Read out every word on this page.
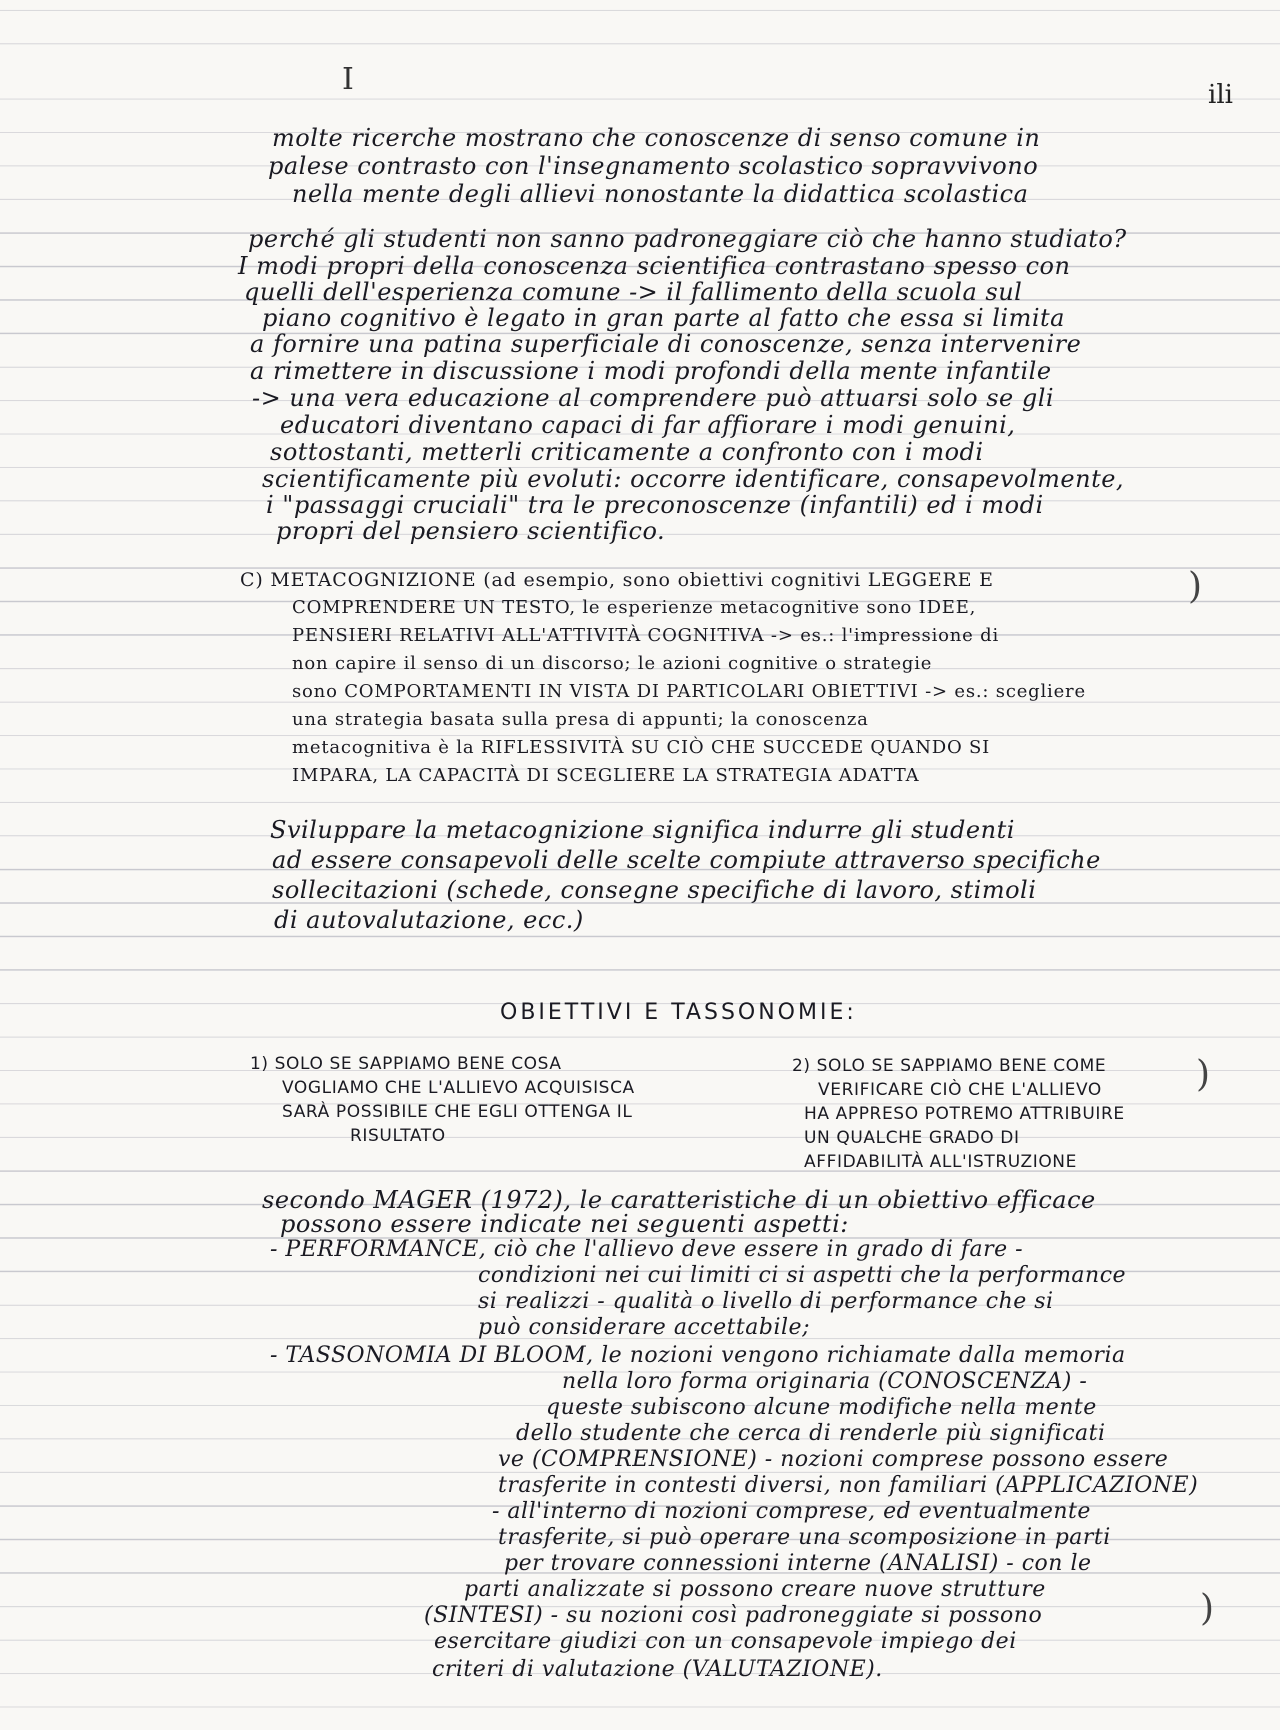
I	ili
molte ricerche mostrano che conoscenze di senso comune in
palese contrasto con l'insegnamento scolastico sopravvivono
nella mente degli allievi nonostante la didattica scolastica
perché gli studenti non sanno padroneggiare ciò che hanno studiato?
I modi propri della conoscenza scientifica contrastano spesso con
quelli dell'esperienza comune -> il fallimento della scuola sul
piano cognitivo è legato in gran parte al fatto che essa si limita
a fornire una patina superficiale di conoscenze, senza intervenire
a rimettere in discussione i modi profondi della mente infantile
-> una vera educazione al comprendere può attuarsi solo se gli
educatori diventano capaci di far affiorare i modi genuini,
sottostanti, metterli criticamente a confronto con i modi
scientificamente più evoluti: occorre identificare, consapevolmente,
i "passaggi cruciali" tra le preconoscenze (infantili) ed i modi
propri del pensiero scientifico.
C) METACOGNIZIONE (ad esempio, sono obiettivi cognitivi LEGGERE E
COMPRENDERE UN TESTO, le esperienze metacognitive sono IDEE,
PENSIERI RELATIVI ALL'ATTIVITÀ COGNITIVA -> es.: l'impressione di
non capire il senso di un discorso; le azioni cognitive o strategie
sono COMPORTAMENTI IN VISTA DI PARTICOLARI OBIETTIVI -> es.: scegliere
una strategia basata sulla presa di appunti; la conoscenza
metacognitiva è la RIFLESSIVITÀ SU CIÒ CHE SUCCEDE QUANDO SI
IMPARA, LA CAPACITÀ DI SCEGLIERE LA STRATEGIA ADATTA
)
Sviluppare la metacognizione significa indurre gli studenti
ad essere consapevoli delle scelte compiute attraverso specifiche
sollecitazioni (schede, consegne specifiche di lavoro, stimoli
di autovalutazione, ecc.)
OBIETTIVI E TASSONOMIE:
1) SOLO SE SAPPIAMO BENE COSA
VOGLIAMO CHE L'ALLIEVO ACQUISISCA
SARÀ POSSIBILE CHE EGLI OTTENGA IL
RISULTATO
2) SOLO SE SAPPIAMO BENE COME
VERIFICARE CIÒ CHE L'ALLIEVO
HA APPRESO POTREMO ATTRIBUIRE
UN QUALCHE GRADO DI
AFFIDABILITÀ ALL'ISTRUZIONE
)
secondo MAGER (1972), le caratteristiche di un obiettivo efficace
possono essere indicate nei seguenti aspetti:
- PERFORMANCE, ciò che l'allievo deve essere in grado di fare -
condizioni nei cui limiti ci si aspetti che la performance
si realizzi - qualità o livello di performance che si
può considerare accettabile;
- TASSONOMIA DI BLOOM, le nozioni vengono richiamate dalla memoria
nella loro forma originaria (CONOSCENZA) -
queste subiscono alcune modifiche nella mente
dello studente che cerca di renderle più significati
ve (COMPRENSIONE) - nozioni comprese possono essere
trasferite in contesti diversi, non familiari (APPLICAZIONE)
- all'interno di nozioni comprese, ed eventualmente
trasferite, si può operare una scomposizione in parti
per trovare connessioni interne (ANALISI) - con le
parti analizzate si possono creare nuove strutture
(SINTESI) - su nozioni così padroneggiate si possono
esercitare giudizi con un consapevole impiego dei
criteri di valutazione (VALUTAZIONE).
)
